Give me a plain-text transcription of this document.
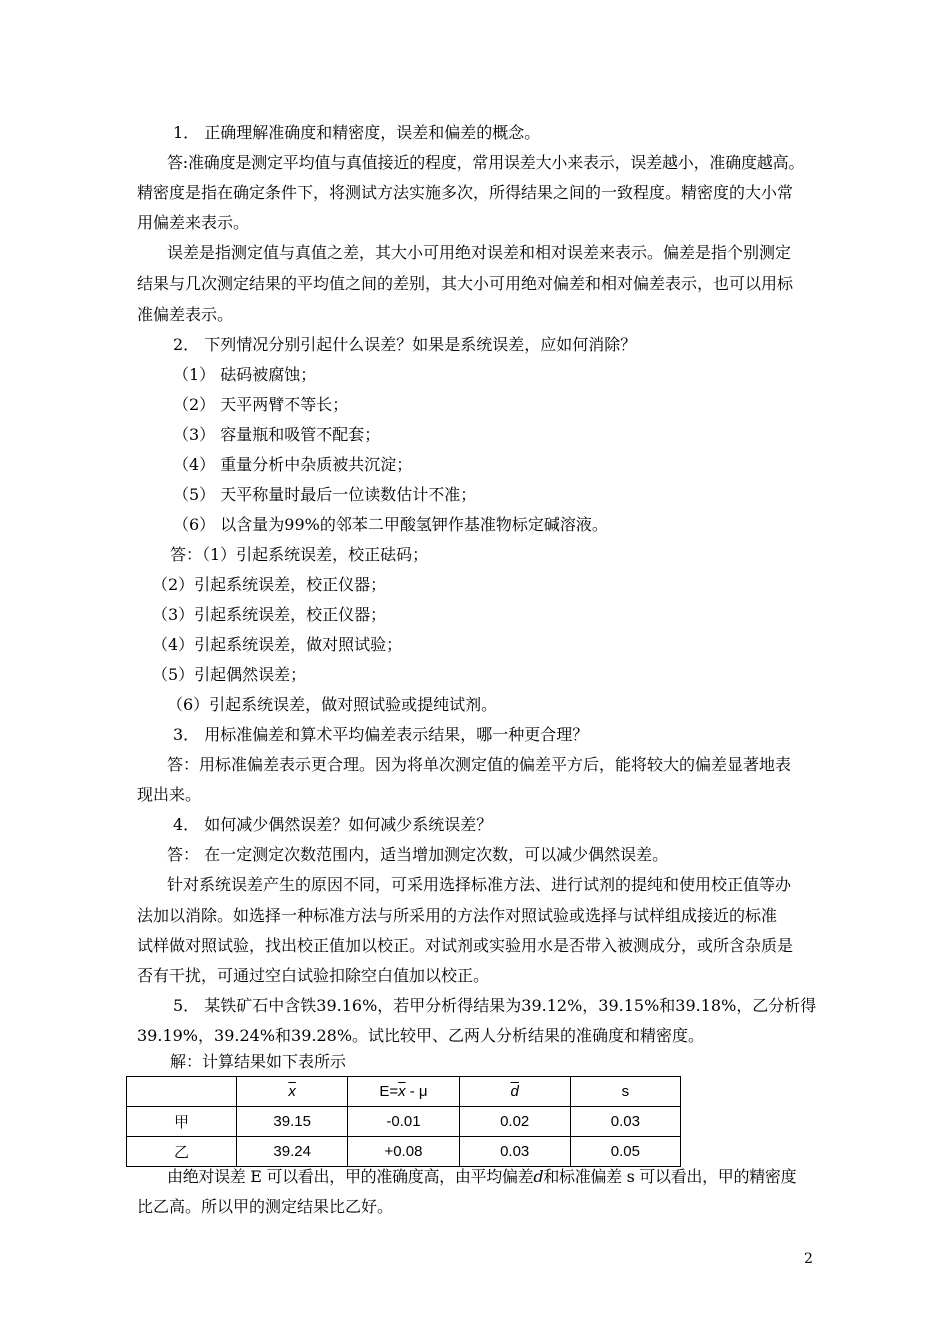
1． 正确理解准确度和精密度，误差和偏差的概念。
答:准确度是测定平均值与真值接近的程度，常用误差大小来表示，误差越小，准确度越高。
精密度是指在确定条件下，将测试方法实施多次，所得结果之间的一致程度。精密度的大小常
用偏差来表示。
误差是指测定值与真值之差，其大小可用绝对误差和相对误差来表示。偏差是指个别测定
结果与几次测定结果的平均值之间的差别，其大小可用绝对偏差和相对偏差表示，也可以用标
准偏差表示。
2． 下列情况分别引起什么误差？如果是系统误差，应如何消除？
（1） 砝码被腐蚀；
（2） 天平两臂不等长；
（3） 容量瓶和吸管不配套；
（4） 重量分析中杂质被共沉淀；
（5） 天平称量时最后一位读数估计不准；
（6） 以含量为99%的邻苯二甲酸氢钾作基准物标定碱溶液。
答：（1）引起系统误差，校正砝码；
（2）引起系统误差，校正仪器；
（3）引起系统误差，校正仪器；
（4）引起系统误差，做对照试验；
（5）引起偶然误差；
（6）引起系统误差，做对照试验或提纯试剂。
3． 用标准偏差和算术平均偏差表示结果，哪一种更合理？
答：用标准偏差表示更合理。因为将单次测定值的偏差平方后，能将较大的偏差显著地表
现出来。
4． 如何减少偶然误差？如何减少系统误差？
答： 在一定测定次数范围内，适当增加测定次数，可以减少偶然误差。
针对系统误差产生的原因不同，可采用选择标准方法、进行试剂的提纯和使用校正值等办
法加以消除。如选择一种标准方法与所采用的方法作对照试验或选择与试样组成接近的标准
试样做对照试验，找出校正值加以校正。对试剂或实验用水是否带入被测成分，或所含杂质是
否有干扰，可通过空白试验扣除空白值加以校正。
5． 某铁矿石中含铁39.16%，若甲分析得结果为39.12%，39.15%和39.18%，乙分析得
39.19%，39.24%和39.28%。试比较甲、乙两人分析结果的准确度和精密度。
解：计算结果如下表所示
	$\overline{x}$	$E=\overline{x} - \mu$	$\overline{d}$	s
甲	39.15	-0.01	0.02	0.03
乙	39.24	+0.08	0.03	0.05
由绝对误差 E 可以看出，甲的准确度高，由平均偏差$\overline{d}$和标准偏差 s 可以看出，甲的精密度
比乙高。所以甲的测定结果比乙好。
2
